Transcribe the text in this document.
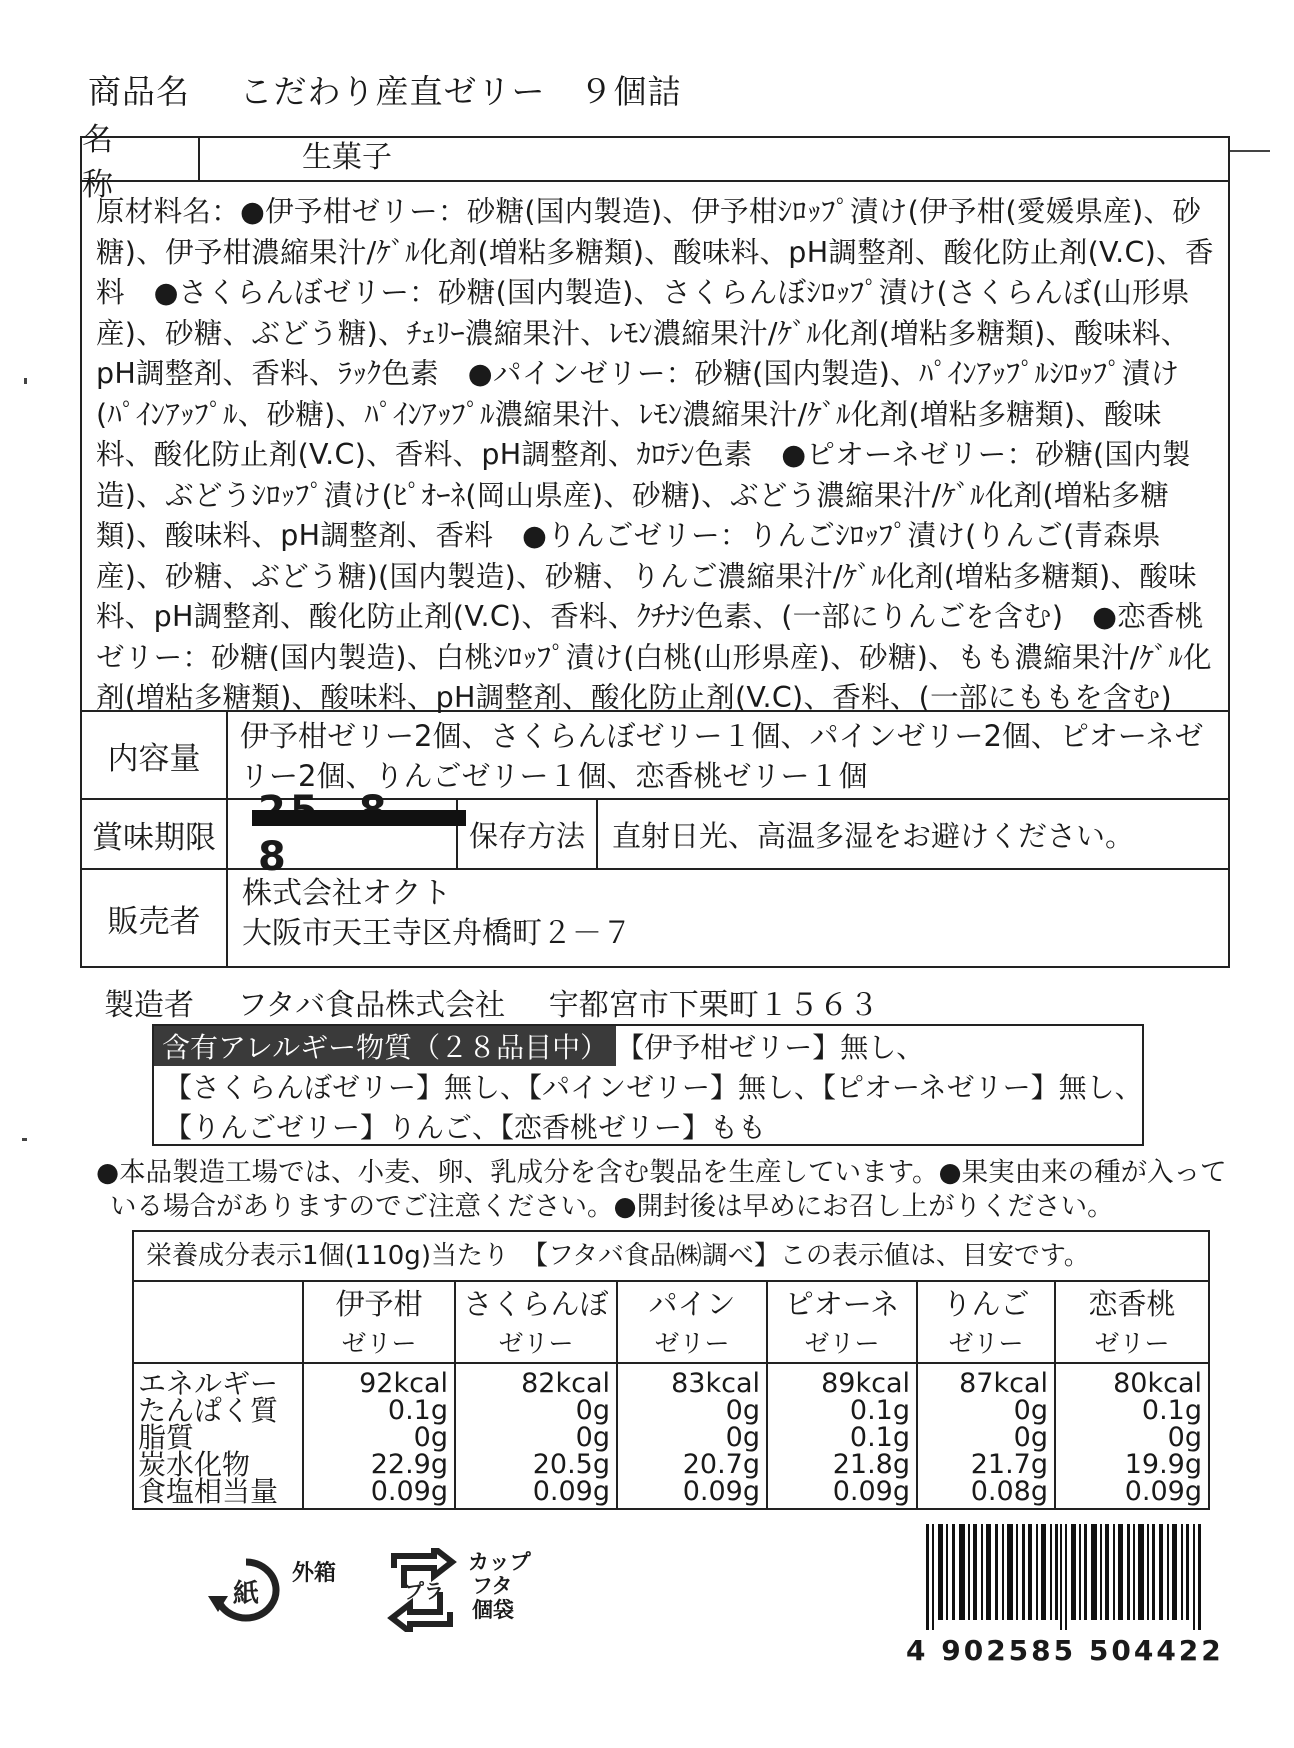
商品名 こだわり産直ゼリー　９個詰
名　称
生菓子
原材料名：●伊予柑ゼリー：砂糖(国内製造)、伊予柑ｼﾛｯﾌﾟ漬け(伊予柑(愛媛県産)、砂糖)、伊予柑濃縮果汁/ｹﾞﾙ化剤(増粘多糖類)、酸味料、pH調整剤、酸化防止剤(V.C)、香料　●さくらんぼゼリー：砂糖(国内製造)、さくらんぼｼﾛｯﾌﾟ漬け(さくらんぼ(山形県産)、砂糖、ぶどう糖)、ﾁｪﾘｰ濃縮果汁、ﾚﾓﾝ濃縮果汁/ｹﾞﾙ化剤(増粘多糖類)、酸味料、pH調整剤、香料、ﾗｯｸ色素　●パインゼリー：砂糖(国内製造)、ﾊﾟｲﾝｱｯﾌﾟﾙｼﾛｯﾌﾟ漬け(ﾊﾟｲﾝｱｯﾌﾟﾙ、砂糖)、ﾊﾟｲﾝｱｯﾌﾟﾙ濃縮果汁、ﾚﾓﾝ濃縮果汁/ｹﾞﾙ化剤(増粘多糖類)、酸味料、酸化防止剤(V.C)、香料、pH調整剤、ｶﾛﾃﾝ色素　●ピオーネゼリー：砂糖(国内製造)、ぶどうｼﾛｯﾌﾟ漬け(ﾋﾟｵｰﾈ(岡山県産)、砂糖)、ぶどう濃縮果汁/ｹﾞﾙ化剤(増粘多糖類)、酸味料、pH調整剤、香料　●りんごゼリー：りんごｼﾛｯﾌﾟ漬け(りんご(青森県産)、砂糖、ぶどう糖)(国内製造)、砂糖、りんご濃縮果汁/ｹﾞﾙ化剤(増粘多糖類)、酸味料、pH調整剤、酸化防止剤(V.C)、香料、ｸﾁﾅｼ色素、(一部にりんごを含む)　●恋香桃ゼリー：砂糖(国内製造)、白桃ｼﾛｯﾌﾟ漬け(白桃(山形県産)、砂糖)、もも濃縮果汁/ｹﾞﾙ化剤(増粘多糖類)、酸味料、pH調整剤、酸化防止剤(V.C)、香料、(一部にももを含む)
内容量
伊予柑ゼリー2個、さくらんぼゼリー１個、パインゼリー2個、ピオーネゼリー2個、りんごゼリー１個、恋香桃ゼリー１個
賞味期限	8	保存方法 直射日光、高温多湿をお避けください。
販売者
株式会社オクト
大阪市天王寺区舟橋町２－７
製造者 フタバ食品株式会社 宇都宮市下栗町１５６３
含有アレルギー物質（２８品目中） 【伊予柑ゼリー】無し、
【さくらんぼゼリー】無し、【パインゼリー】無し、【ピオーネゼリー】無し、
【りんごゼリー】りんご、【恋香桃ゼリー】もも
●本品製造工場では、小麦、卵、乳成分を含む製品を生産しています。●果実由来の種が入って
いる場合がありますのでご注意ください。●開封後は早めにお召し上がりください。
栄養成分表示1個(110g)当たり　【フタバ食品㈱調べ】この表示値は、目安です。
エネルギー
たんぱく質
脂質
炭水化物
食塩相当量
伊予柑
ゼリー
92kcal
0.1g
0g
22.9g
0.09g
さくらんぼ
ゼリー
82kcal
0g
0g
20.5g
0.09g
パイン
ゼリー
83kcal
0g
0g
20.7g
0.09g
ピオーネ
ゼリー
89kcal
0.1g
0.1g
21.8g
0.09g
りんご
ゼリー
87kcal
0g
0g
21.7g
0.08g
恋香桃
ゼリー
80kcal
0.1g
0g
19.9g
0.09g
紙
外箱
プラ
カップ
フタ
個袋
4 902585 504422
